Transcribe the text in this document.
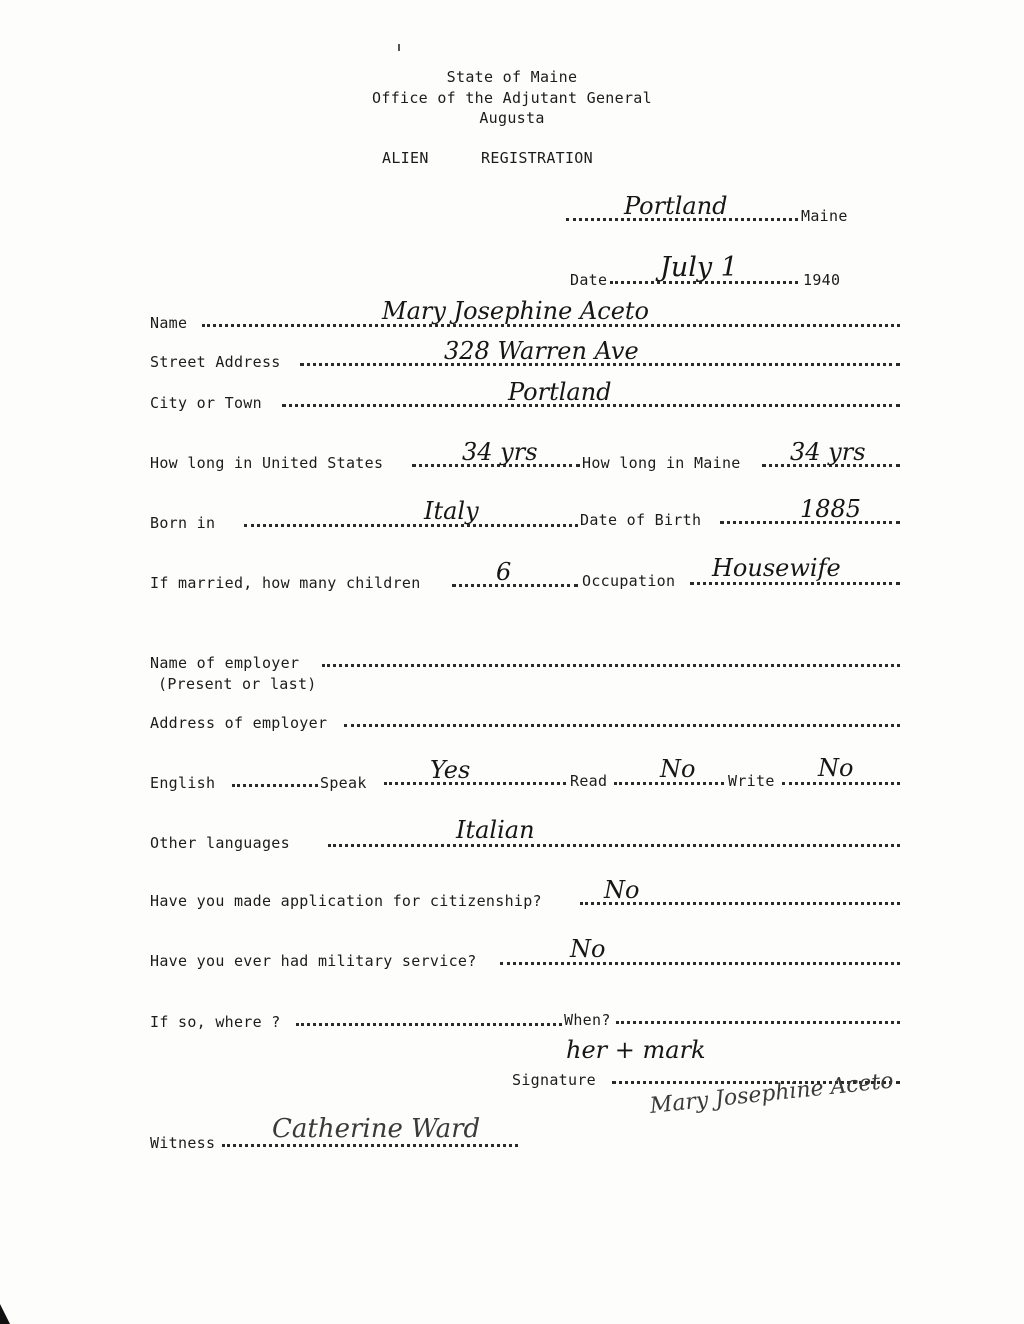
State of Maine
Office of the Adjutant General
Augusta
ALIEN	REGISTRATION
Portland	Maine
Date July 1	1940
Name	Mary Josephine Aceto
Street Address	328 Warren Ave
City or Town	Portland
How long in United States	34 yrs	How long in Maine 34 yrs
Born in	Italy	Date of Birth	1885
If married, how many children	6	Occupation Housewife
Name of employer
(Present or last)
Address of employer
English	Speak	Yes	Read No Write No
Other languages	Italian
Have you made application for citizenship?	No
Have you ever had military service?	No
If so, where ?	When?
her + mark
Signature Mary Josephine Aceto
Witness Catherine Ward
